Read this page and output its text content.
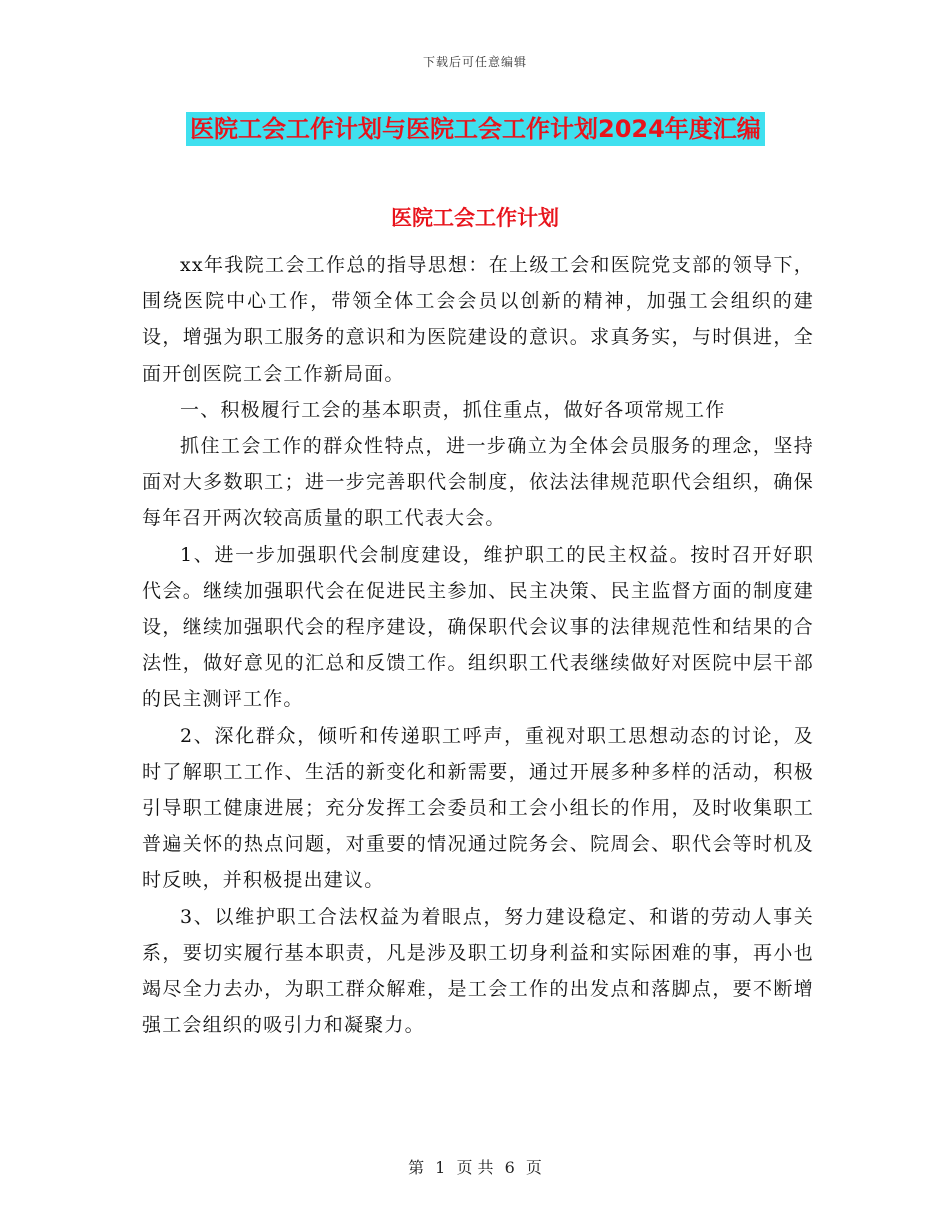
下载后可任意编辑
医院工会工作计划与医院工会工作计划2024年度汇编
医院工会工作计划

xx年我院工会工作总的指导思想：在上级工会和医院党支部的领导下，围绕医院中心工作，带领全体工会会员以创新的精神，加强工会组织的建设，增强为职工服务的意识和为医院建设的意识。求真务实，与时俱进，全面开创医院工会工作新局面。

一、积极履行工会的基本职责，抓住重点，做好各项常规工作

抓住工会工作的群众性特点，进一步确立为全体会员服务的理念，坚持面对大多数职工；进一步完善职代会制度，依法法律规范职代会组织，确保每年召开两次较高质量的职工代表大会。

1、进一步加强职代会制度建设，维护职工的民主权益。按时召开好职代会。继续加强职代会在促进民主参加、民主决策、民主监督方面的制度建设，继续加强职代会的程序建设，确保职代会议事的法律规范性和结果的合法性，做好意见的汇总和反馈工作。组织职工代表继续做好对医院中层干部的民主测评工作。

2、深化群众，倾听和传递职工呼声，重视对职工思想动态的讨论，及时了解职工工作、生活的新变化和新需要，通过开展多种多样的活动，积极引导职工健康进展；充分发挥工会委员和工会小组长的作用，及时收集职工普遍关怀的热点问题，对重要的情况通过院务会、院周会、职代会等时机及时反映，并积极提出建议。

3、以维护职工合法权益为着眼点，努力建设稳定、和谐的劳动人事关系，要切实履行基本职责，凡是涉及职工切身利益和实际困难的事，再小也竭尽全力去办，为职工群众解难，是工会工作的出发点和落脚点，要不断增强工会组织的吸引力和凝聚力。

第 1 页 共 6 页
